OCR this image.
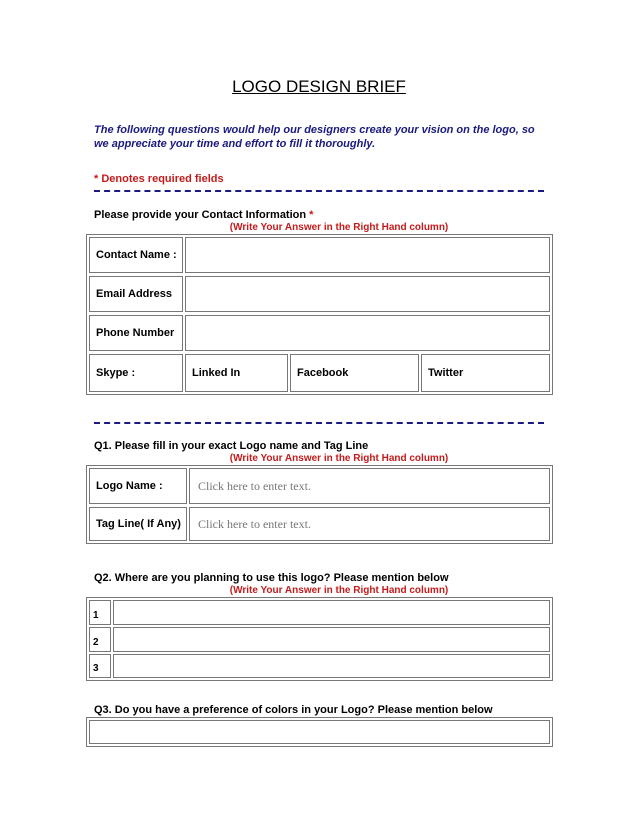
LOGO DESIGN BRIEF
The following questions would help our designers create your vision on the logo, so we appreciate your time and effort to fill it thoroughly.
* Denotes required fields
Please provide your Contact Information *
(Write Your Answer in the Right Hand column)
Contact Name :
Email Address
Phone Number
Skype :	Linked In	Facebook	Twitter
Q1. Please fill in your exact Logo name and Tag Line
(Write Your Answer in the Right Hand column)
Logo Name :	Click here to enter text.
Tag Line( If Any)	Click here to enter text.
Q2. Where are you planning to use this logo? Please mention below
(Write Your Answer in the Right Hand column)
1
2
3
Q3. Do you have a preference of colors in your Logo? Please mention below
